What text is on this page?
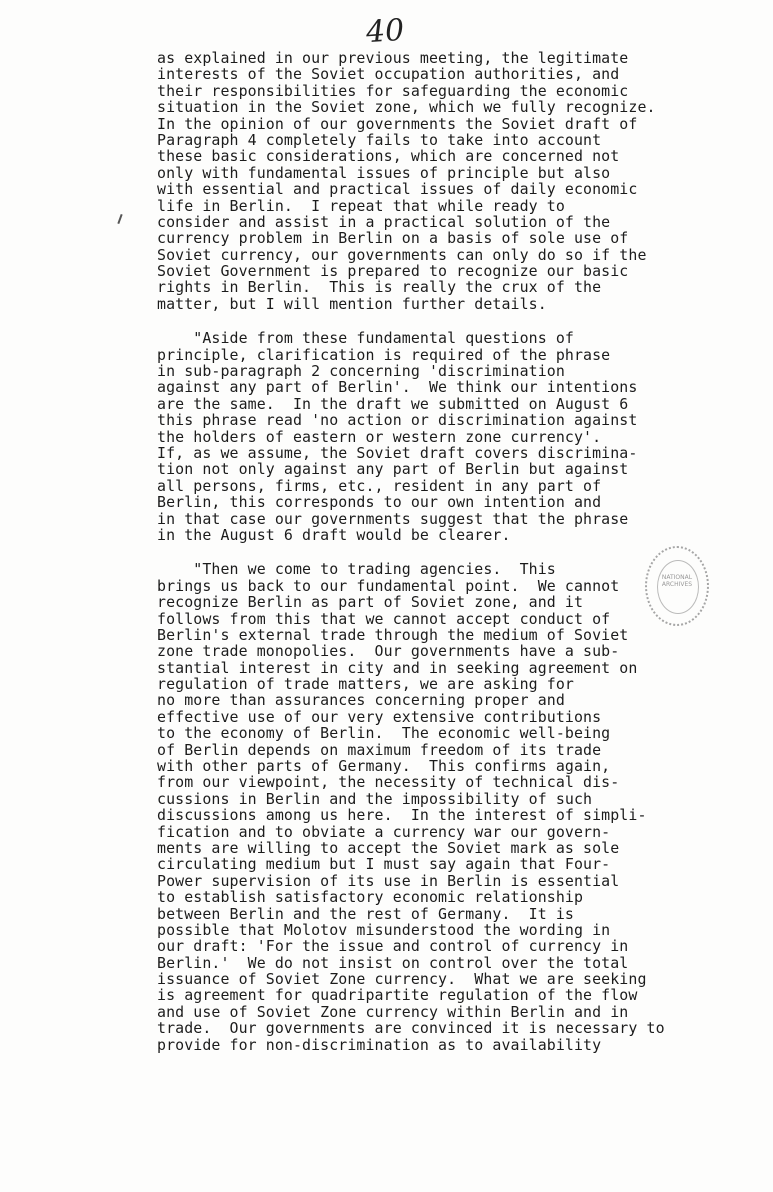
40
as explained in our previous meeting, the legitimate
interests of the Soviet occupation authorities, and
their responsibilities for safeguarding the economic
situation in the Soviet zone, which we fully recognize.
In the opinion of our governments the Soviet draft of
Paragraph 4 completely fails to take into account
these basic considerations, which are concerned not
only with fundamental issues of principle but also
with essential and practical issues of daily economic
life in Berlin.  I repeat that while ready to
consider and assist in a practical solution of the
currency problem in Berlin on a basis of sole use of
Soviet currency, our governments can only do so if the
Soviet Government is prepared to recognize our basic
rights in Berlin.  This is really the crux of the
matter, but I will mention further details.
"Aside from these fundamental questions of
principle, clarification is required of the phrase
in sub-paragraph 2 concerning 'discrimination
against any part of Berlin'.  We think our intentions
are the same.  In the draft we submitted on August 6
this phrase read 'no action or discrimination against
the holders of eastern or western zone currency'.
If, as we assume, the Soviet draft covers discrimina-
tion not only against any part of Berlin but against
all persons, firms, etc., resident in any part of
Berlin, this corresponds to our own intention and
in that case our governments suggest that the phrase
in the August 6 draft would be clearer.
"Then we come to trading agencies.  This
brings us back to our fundamental point.  We cannot
recognize Berlin as part of Soviet zone, and it
follows from this that we cannot accept conduct of
Berlin's external trade through the medium of Soviet
zone trade monopolies.  Our governments have a sub-
stantial interest in city and in seeking agreement on
regulation of trade matters, we are asking for
no more than assurances concerning proper and
effective use of our very extensive contributions
to the economy of Berlin.  The economic well-being
of Berlin depends on maximum freedom of its trade
with other parts of Germany.  This confirms again,
from our viewpoint, the necessity of technical dis-
cussions in Berlin and the impossibility of such
discussions among us here.  In the interest of simpli-
fication and to obviate a currency war our govern-
ments are willing to accept the Soviet mark as sole
circulating medium but I must say again that Four-
Power supervision of its use in Berlin is essential
to establish satisfactory economic relationship
between Berlin and the rest of Germany.  It is
possible that Molotov misunderstood the wording in
our draft: 'For the issue and control of currency in
Berlin.'  We do not insist on control over the total
issuance of Soviet Zone currency.  What we are seeking
is agreement for quadripartite regulation of the flow
and use of Soviet Zone currency within Berlin and in
trade.  Our governments are convinced it is necessary to
provide for non-discrimination as to availability
NATIONAL ARCHIVES
